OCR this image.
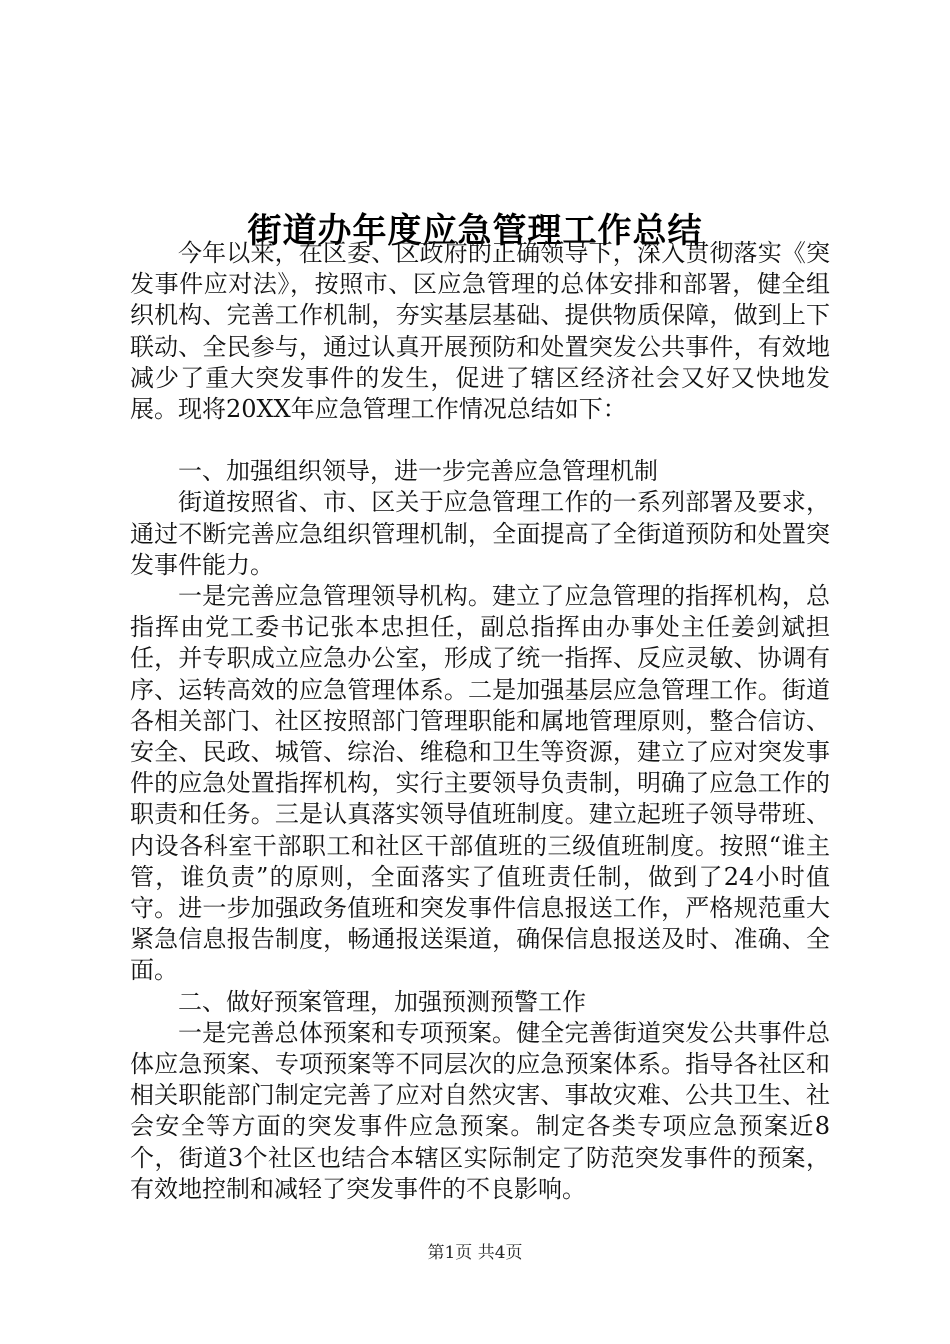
街道办年度应急管理工作总结

今年以来，在区委、区政府的正确领导下，深入贯彻落实《突发事件应对法》，按照市、区应急管理的总体安排和部署，健全组织机构、完善工作机制，夯实基层基础、提供物质保障，做到上下联动、全民参与，通过认真开展预防和处置突发公共事件，有效地减少了重大突发事件的发生，促进了辖区经济社会又好又快地发展。现将20XX年应急管理工作情况总结如下：

一、加强组织领导，进一步完善应急管理机制

街道按照省、市、区关于应急管理工作的一系列部署及要求，通过不断完善应急组织管理机制，全面提高了全街道预防和处置突发事件能力。

一是完善应急管理领导机构。建立了应急管理的指挥机构，总指挥由党工委书记张本忠担任，副总指挥由办事处主任姜剑斌担任，并专职成立应急办公室，形成了统一指挥、反应灵敏、协调有序、运转高效的应急管理体系。二是加强基层应急管理工作。街道各相关部门、社区按照部门管理职能和属地管理原则，整合信访、安全、民政、城管、综治、维稳和卫生等资源，建立了应对突发事件的应急处置指挥机构，实行主要领导负责制，明确了应急工作的职责和任务。三是认真落实领导值班制度。建立起班子领导带班、内设各科室干部职工和社区干部值班的三级值班制度。按照“谁主管，谁负责”的原则，全面落实了值班责任制，做到了24小时值守。进一步加强政务值班和突发事件信息报送工作，严格规范重大紧急信息报告制度，畅通报送渠道，确保信息报送及时、准确、全面。

二、做好预案管理，加强预测预警工作

一是完善总体预案和专项预案。健全完善街道突发公共事件总体应急预案、专项预案等不同层次的应急预案体系。指导各社区和相关职能部门制定完善了应对自然灾害、事故灾难、公共卫生、社会安全等方面的突发事件应急预案。制定各类专项应急预案近8个，街道3个社区也结合本辖区实际制定了防范突发事件的预案，有效地控制和减轻了突发事件的不良影响。

第1页 共4页
